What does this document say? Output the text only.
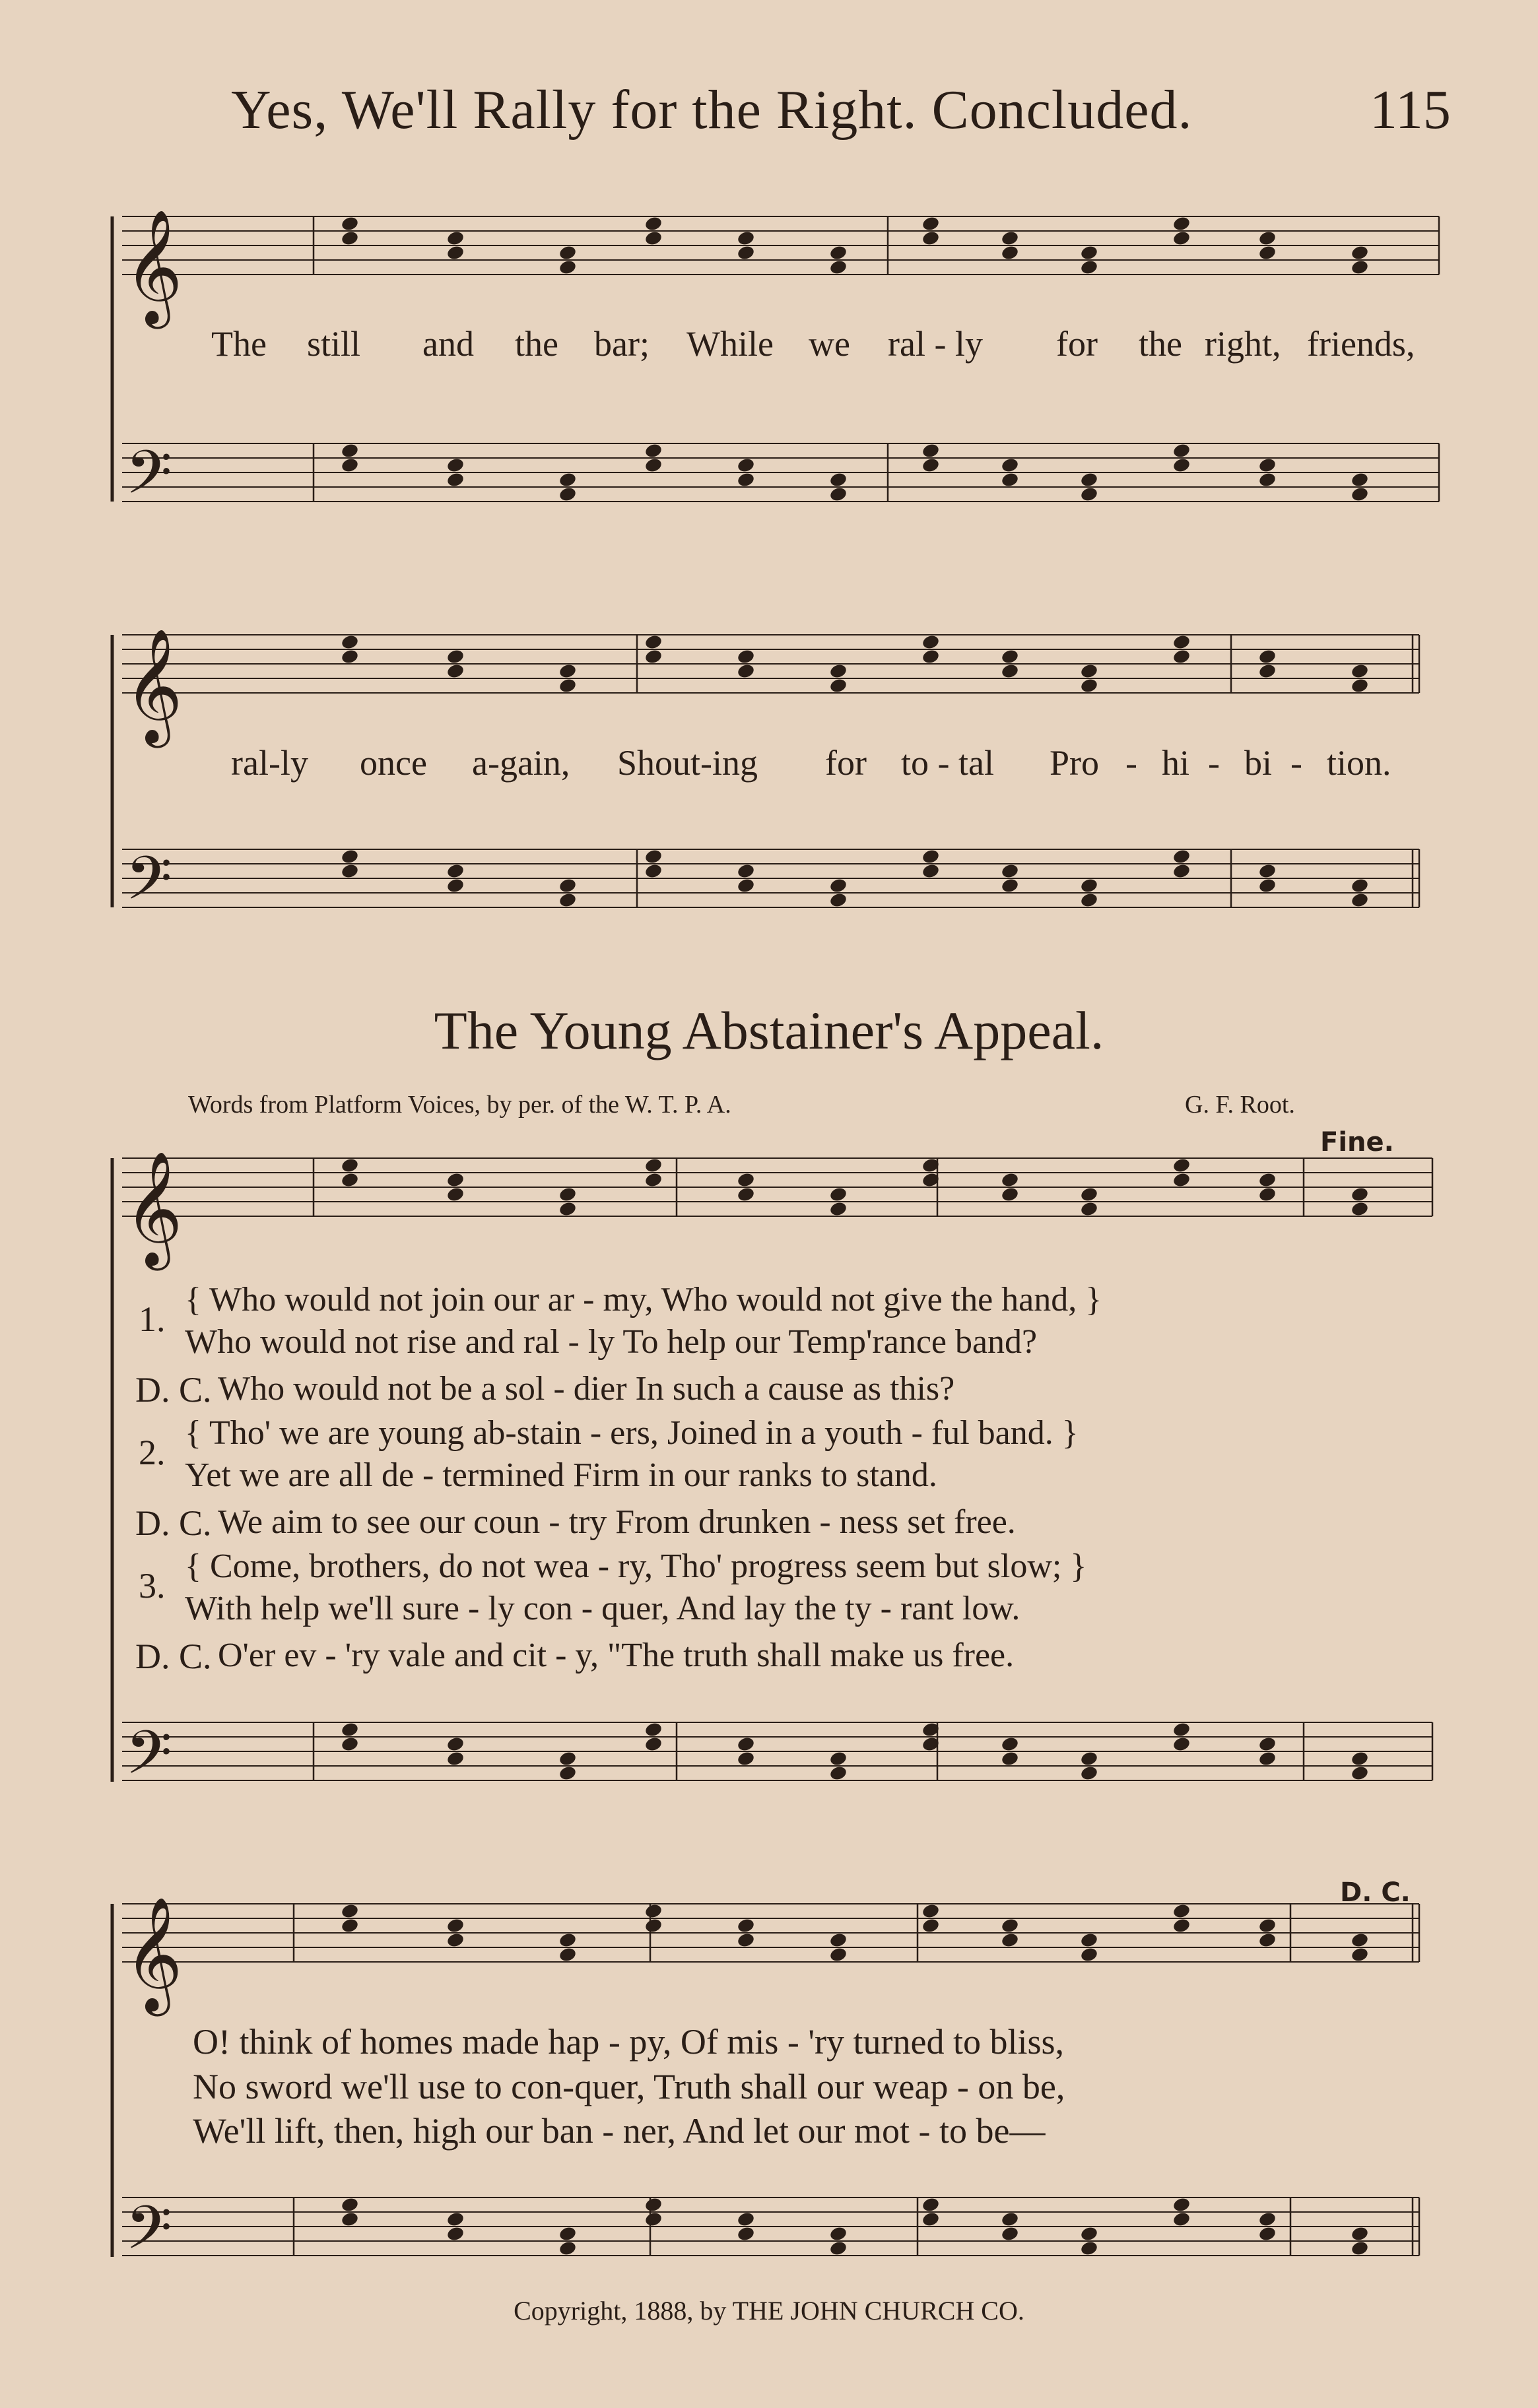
Yes, We'll Rally for the Right. Concluded.	115
𝄞
𝄢
𝄞
𝄢
𝄞
𝄢
𝄞
𝄢
The still and the bar; While we ral - ly for the right, friends,
ral-ly once a-gain, Shout-ing for to - tal Pro - hi - bi - tion.
The Young Abstainer's Appeal.
Words from Platform Voices, by per. of the W. T. P. A.	G. F. Root.
Fine.
D. C.
1.
D. C.
2.
D. C.
3.
D. C.
{ Who would not join our ar - my, Who would not give the hand, }
Who would not rise and ral - ly To help our Temp'rance band?
Who would not be a sol - dier In such a cause as this?
{ Tho' we are young ab-stain - ers, Joined in a youth - ful band. }
Yet we are all de - termined Firm in our ranks to stand.
We aim to see our coun - try From drunken - ness set free.
{ Come, brothers, do not wea - ry, Tho' progress seem but slow; }
With help we'll sure - ly con - quer, And lay the ty - rant low.
O'er ev - 'ry vale and cit - y, "The truth shall make us free.
O! think of homes made hap - py, Of mis - 'ry turned to bliss,
No sword we'll use to con-quer, Truth shall our weap - on be,
We'll lift, then, high our ban - ner, And let our mot - to be—
Copyright, 1888, by THE JOHN CHURCH CO.
